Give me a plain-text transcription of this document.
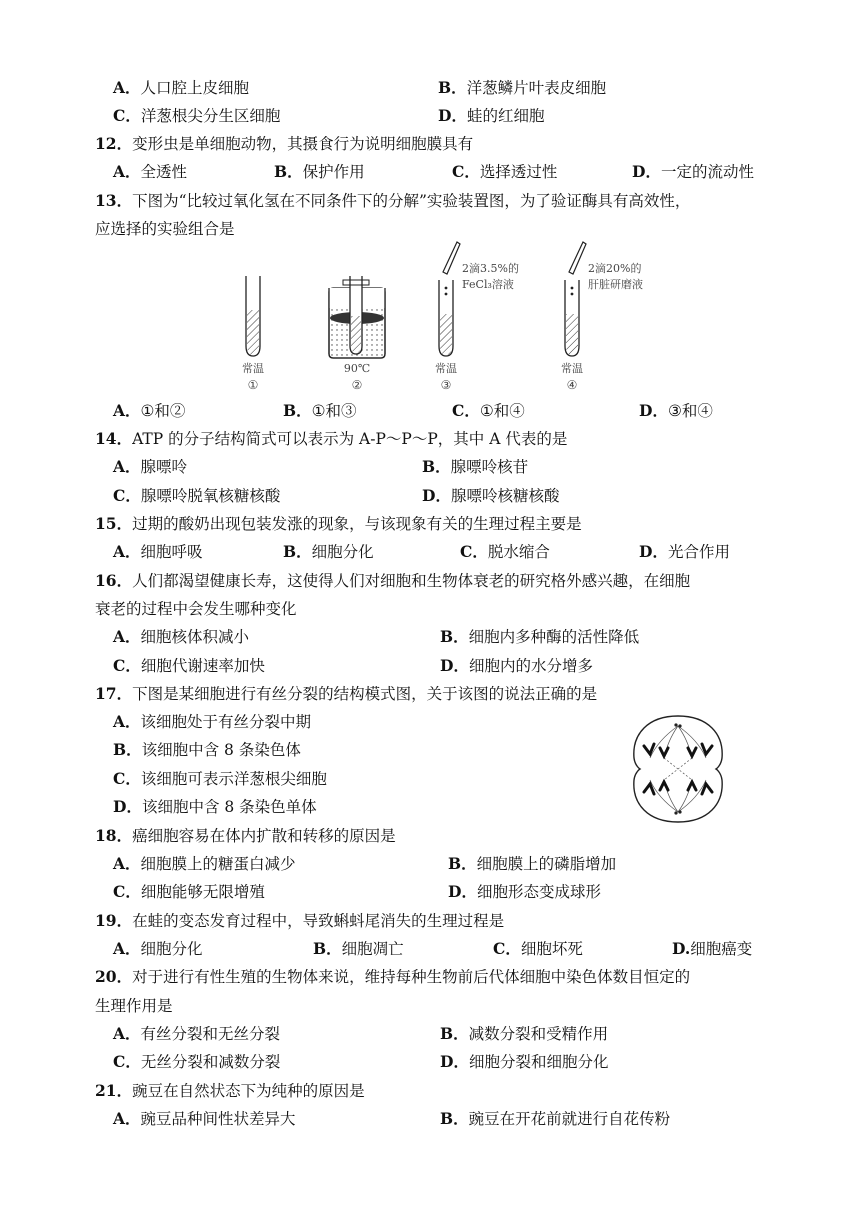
A．人口腔上皮细胞	B．洋葱鳞片叶表皮细胞
C．洋葱根尖分生区细胞	D．蛙的红细胞
12．变形虫是单细胞动物，其摄食行为说明细胞膜具有
A．全透性	B．保护作用	C．选择透过性	D．一定的流动性
13．下图为“比较过氧化氢在不同条件下的分解”实验装置图，为了验证酶具有高效性，
应选择的实验组合是
常温
①
90℃
②
2滴3.5%的
FeCl₃溶液
常温
③
2滴20%的
肝脏研磨液
常温
④
A．①和②	B．①和③	C．①和④	D．③和④
14．ATP 的分子结构简式可以表示为 A-P～P～P，其中 A 代表的是
A．腺嘌呤	B．腺嘌呤核苷
C．腺嘌呤脱氧核糖核酸	D．腺嘌呤核糖核酸
15．过期的酸奶出现包装发涨的现象，与该现象有关的生理过程主要是
A．细胞呼吸	B．细胞分化	C．脱水缩合	D．光合作用
16．人们都渴望健康长寿，这使得人们对细胞和生物体衰老的研究格外感兴趣，在细胞
衰老的过程中会发生哪种变化
A．细胞核体积减小	B．细胞内多种酶的活性降低
C．细胞代谢速率加快	D．细胞内的水分增多
17．下图是某细胞进行有丝分裂的结构模式图，关于该图的说法正确的是
A．该细胞处于有丝分裂中期
B．该细胞中含 8 条染色体
C．该细胞可表示洋葱根尖细胞
D．该细胞中含 8 条染色单体
18．癌细胞容易在体内扩散和转移的原因是
A．细胞膜上的糖蛋白减少	B．细胞膜上的磷脂增加
C．细胞能够无限增殖	D．细胞形态变成球形
19．在蛙的变态发育过程中，导致蝌蚪尾消失的生理过程是
A．细胞分化	B．细胞凋亡	C．细胞坏死	D.细胞癌变
20．对于进行有性生殖的生物体来说，维持每种生物前后代体细胞中染色体数目恒定的
生理作用是
A．有丝分裂和无丝分裂	B．减数分裂和受精作用
C．无丝分裂和减数分裂	D．细胞分裂和细胞分化
21．豌豆在自然状态下为纯种的原因是
A．豌豆品种间性状差异大	B．豌豆在开花前就进行自花传粉
